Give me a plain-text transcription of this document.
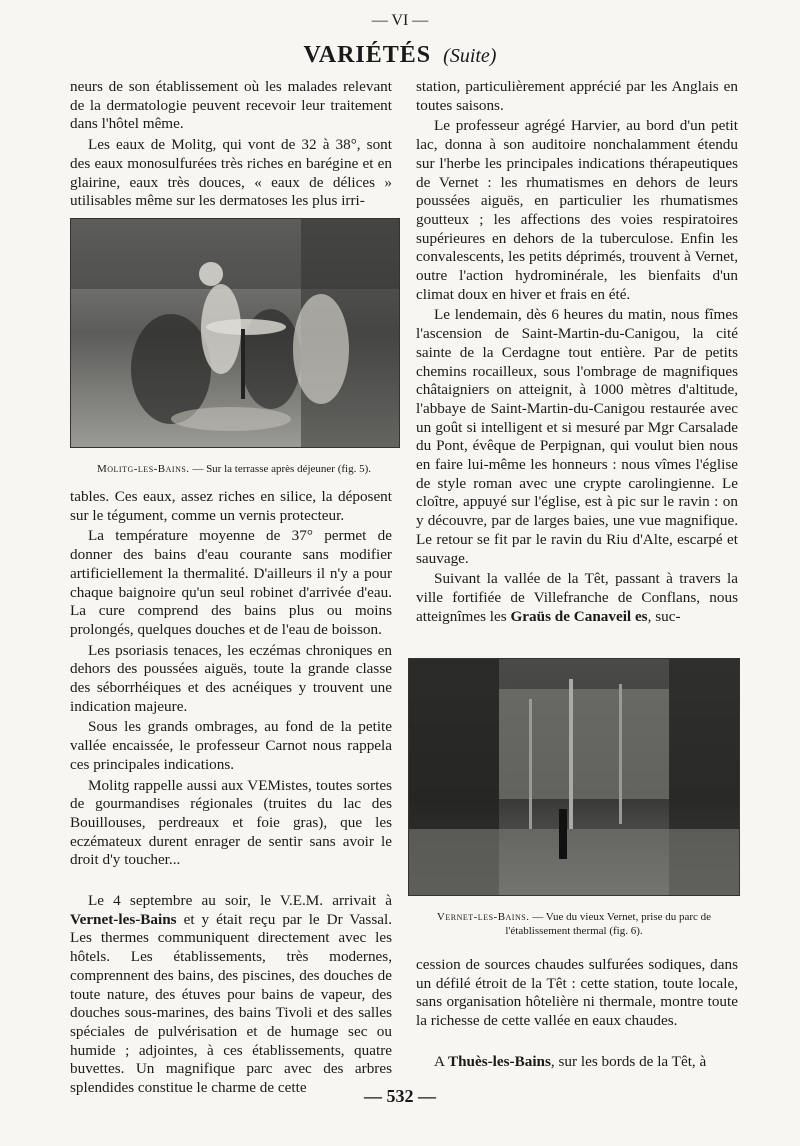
— VI —
VARIÉTÉS (Suite)

neurs de son établissement où les malades relevant de la dermatologie peuvent recevoir leur traitement dans l'hôtel même.

Les eaux de Molitg, qui vont de 32 à 38°, sont des eaux monosulfurées très riches en barégine et en glairine, eaux très douces, « eaux de délices » utilisables même sur les dermatoses les plus irri-

Molitg-les-Bains. — Sur la terrasse après déjeuner (fig. 5).

tables. Ces eaux, assez riches en silice, la déposent sur le tégument, comme un vernis protecteur.

La température moyenne de 37° permet de donner des bains d'eau courante sans modifier artificiellement la thermalité. D'ailleurs il n'y a pour chaque baignoire qu'un seul robinet d'arrivée d'eau. La cure comprend des bains plus ou moins prolongés, quelques douches et de l'eau de boisson.

Les psoriasis tenaces, les eczémas chroniques en dehors des poussées aiguës, toute la grande classe des séborrhéiques et des acnéiques y trouvent une indication majeure.

Sous les grands ombrages, au fond de la petite vallée encaissée, le professeur Carnot nous rappela ces principales indications.

Molitg rappelle aussi aux VEMistes, toutes sortes de gourmandises régionales (truites du lac des Bouillouses, perdreaux et foie gras), que les eczémateux durent enrager de sentir sans avoir le droit d'y toucher...

Le 4 septembre au soir, le V.E.M. arrivait à Vernet-les-Bains et y était reçu par le Dr Vassal. Les thermes communiquent directement avec les hôtels. Les établissements, très modernes, comprennent des bains, des piscines, des douches de toute nature, des étuves pour bains de vapeur, des douches sous-marines, des bains Tivoli et des salles spéciales de pulvérisation et de humage sec ou humide ; adjointes, à ces établissements, quatre buvettes. Un magnifique parc avec des arbres splendides constitue le charme de cette

station, particulièrement apprécié par les Anglais en toutes saisons.

Le professeur agrégé Harvier, au bord d'un petit lac, donna à son auditoire nonchalamment étendu sur l'herbe les principales indications thérapeutiques de Vernet : les rhumatismes en dehors de leurs poussées aiguës, en particulier les rhumatismes goutteux ; les affections des voies respiratoires supérieures en dehors de la tuberculose. Enfin les convalescents, les petits déprimés, trouvent à Vernet, outre l'action hydrominérale, les bienfaits d'un climat doux en hiver et frais en été.

Le lendemain, dès 6 heures du matin, nous fîmes l'ascension de Saint-Martin-du-Canigou, la cité sainte de la Cerdagne tout entière. Par de petits chemins rocailleux, sous l'ombrage de magnifiques châtaigniers on atteignit, à 1000 mètres d'altitude, l'abbaye de Saint-Martin-du-Canigou restaurée avec un goût si intelligent et si mesuré par Mgr Carsalade du Pont, évêque de Perpignan, qui voulut bien nous en faire lui-même les honneurs : nous vîmes l'église de style roman avec une crypte carolingienne. Le cloître, appuyé sur l'église, est à pic sur le ravin : on y découvre, par de larges baies, une vue magnifique. Le retour se fit par le ravin du Riu d'Alte, escarpé et sauvage.

Suivant la vallée de la Têt, passant à travers la ville fortifiée de Villefranche de Conflans, nous atteignîmes les Graüs de Canaveil es, suc-

Vernet-les-Bains. — Vue du vieux Vernet, prise du parc de l'établissement thermal (fig. 6).

cession de sources chaudes sulfurées sodiques, dans un défilé étroit de la Têt : cette station, toute locale, sans organisation hôtelière ni thermale, montre toute la richesse de cette vallée en eaux chaudes.

A Thuès-les-Bains, sur les bords de la Têt, à

— 532 —
